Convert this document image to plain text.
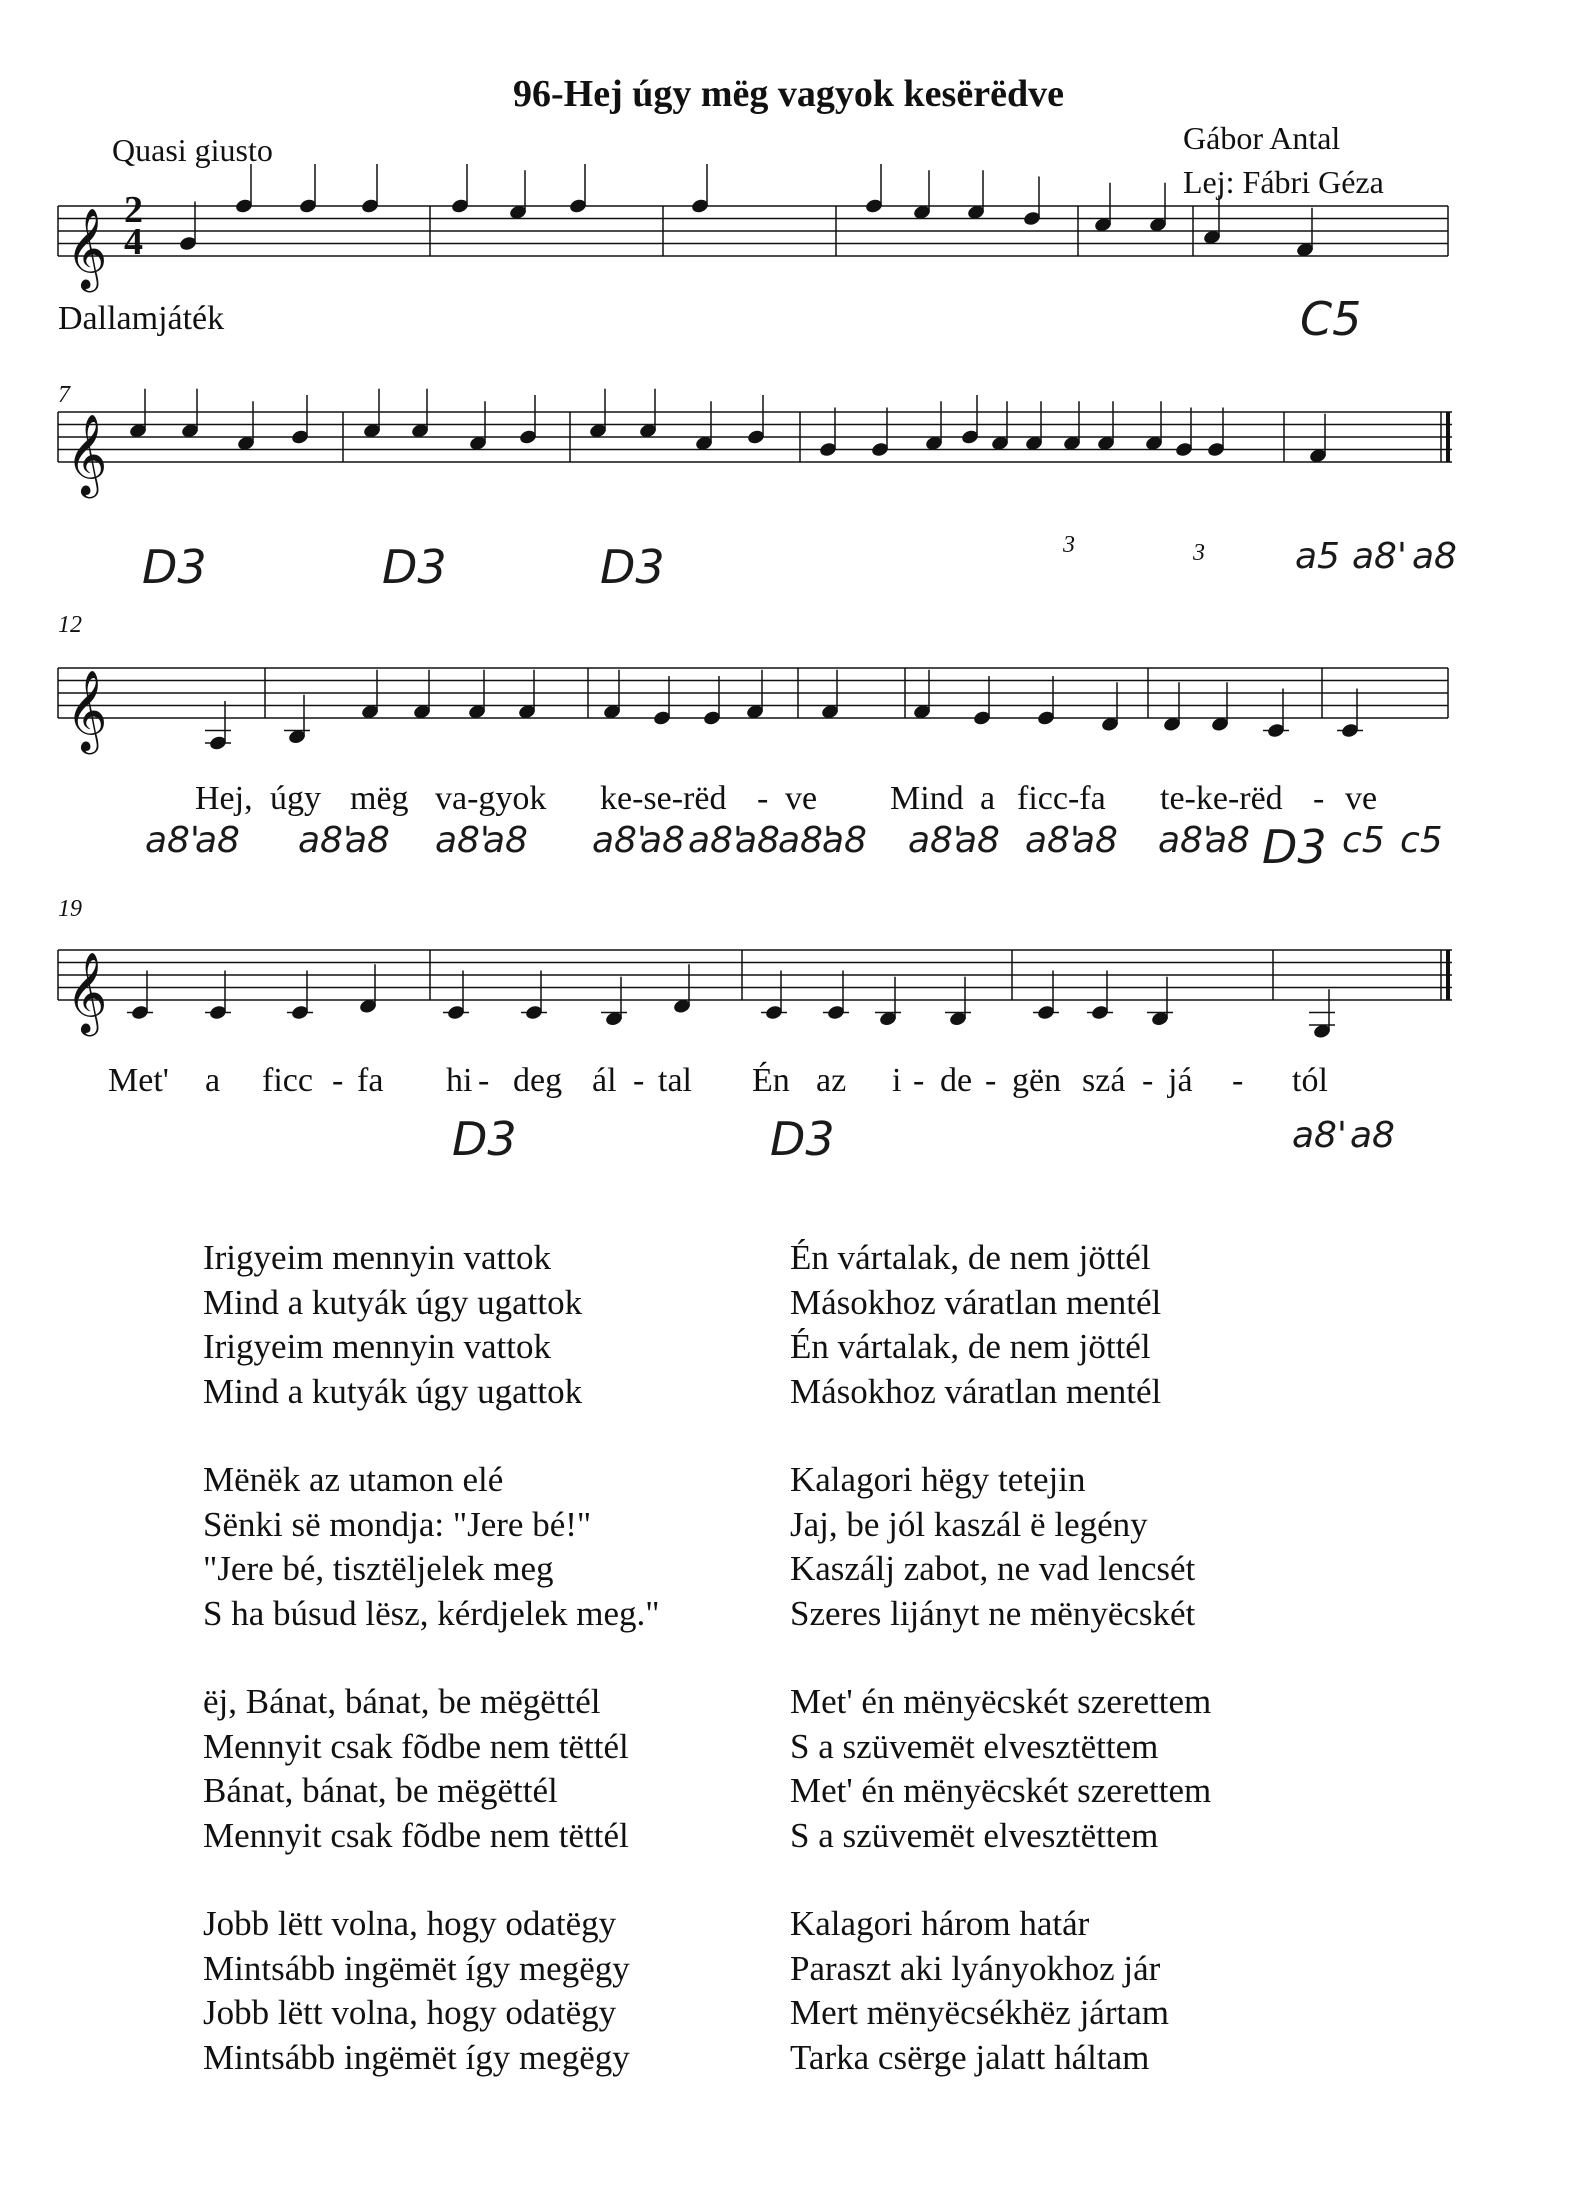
96-Hej úgy mëg vagyok kesërëdve
Quasi giusto	Gábor Antal
Lej: Fábri Géza
Dallamjáték
7
12
19
3	3
𝄞
𝄞
𝄞
𝄞
2
4
C5
D3	D3	D3	a5 a8' a8
Hej, úgy mëg va-gyok ke-se-rëd - ve Mind a ficc-fa te-ke-rëd - ve
a8'
a8 a8'
a8 a8'
a8 a8'
a8 a8'
a8
a8'
a8 a8'
a8 a8'
a8 a8'
a8 D3 c5 c5
Met' a ficc - fa hi - deg ál - tal Én az i - de - gën szá - já - tól
D3	D3	a8' a8
Irigyeim mennyin vattok
Mind a kutyák úgy ugattok
Irigyeim mennyin vattok
Mind a kutyák úgy ugattok
Mënëk az utamon elé
Sënki së mondja: "Jere bé!"
"Jere bé, tisztëljelek meg
S ha búsud lësz, kérdjelek meg."
ëj, Bánat, bánat, be mëgëttél
Mennyit csak fõdbe nem tëttél
Bánat, bánat, be mëgëttél
Mennyit csak fõdbe nem tëttél
Jobb lëtt volna, hogy odatëgy
Mintsább ingëmët így megëgy
Jobb lëtt volna, hogy odatëgy
Mintsább ingëmët így megëgy
Én vártalak, de nem jöttél
Másokhoz váratlan mentél
Én vártalak, de nem jöttél
Másokhoz váratlan mentél
Kalagori hëgy tetejin
Jaj, be jól kaszál ë legény
Kaszálj zabot, ne vad lencsét
Szeres lijányt ne mënyëcskét
Met' én mënyëcskét szerettem
S a szüvemët elvesztëttem
Met' én mënyëcskét szerettem
S a szüvemët elvesztëttem
Kalagori három határ
Paraszt aki lyányokhoz jár
Mert mënyëcsékhëz jártam
Tarka csërge jalatt háltam
